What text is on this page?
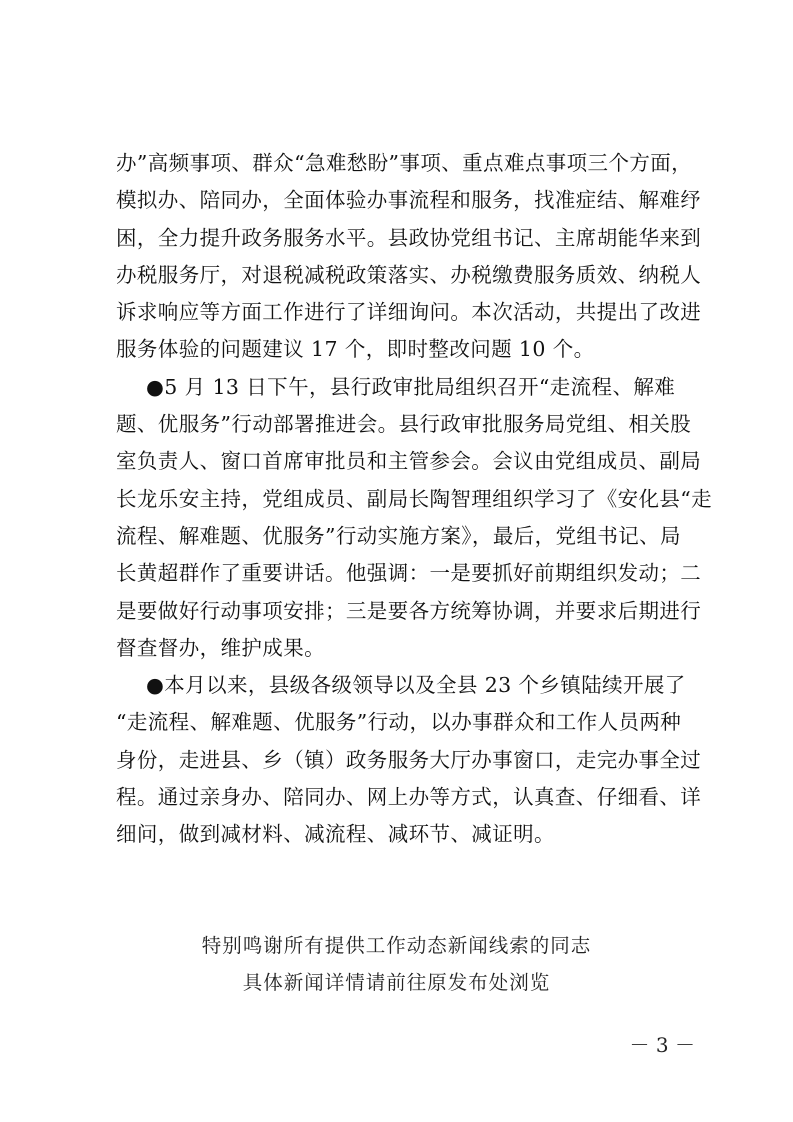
办”高频事项、群众“急难愁盼”事项、重点难点事项三个方面，
模拟办、陪同办，全面体验办事流程和服务，找准症结、解难纾
困，全力提升政务服务水平。县政协党组书记、主席胡能华来到
办税服务厅，对退税减税政策落实、办税缴费服务质效、纳税人
诉求响应等方面工作进行了详细询问。本次活动，共提出了改进
服务体验的问题建议 17 个，即时整改问题 10 个。
●5 月 13 日下午，县行政审批局组织召开“走流程、解难
题、优服务”行动部署推进会。县行政审批服务局党组、相关股
室负责人、窗口首席审批员和主管参会。会议由党组成员、副局
长龙乐安主持，党组成员、副局长陶智理组织学习了《安化县“走
流程、解难题、优服务”行动实施方案》，最后，党组书记、局
长黄超群作了重要讲话。他强调：一是要抓好前期组织发动；二
是要做好行动事项安排；三是要各方统筹协调，并要求后期进行
督查督办，维护成果。
●本月以来，县级各级领导以及全县 23 个乡镇陆续开展了
“走流程、解难题、优服务”行动，以办事群众和工作人员两种
身份，走进县、乡（镇）政务服务大厅办事窗口，走完办事全过
程。通过亲身办、陪同办、网上办等方式，认真查、仔细看、详
细问，做到减材料、减流程、减环节、减证明。
特别鸣谢所有提供工作动态新闻线索的同志
具体新闻详情请前往原发布处浏览
－ 3 －
